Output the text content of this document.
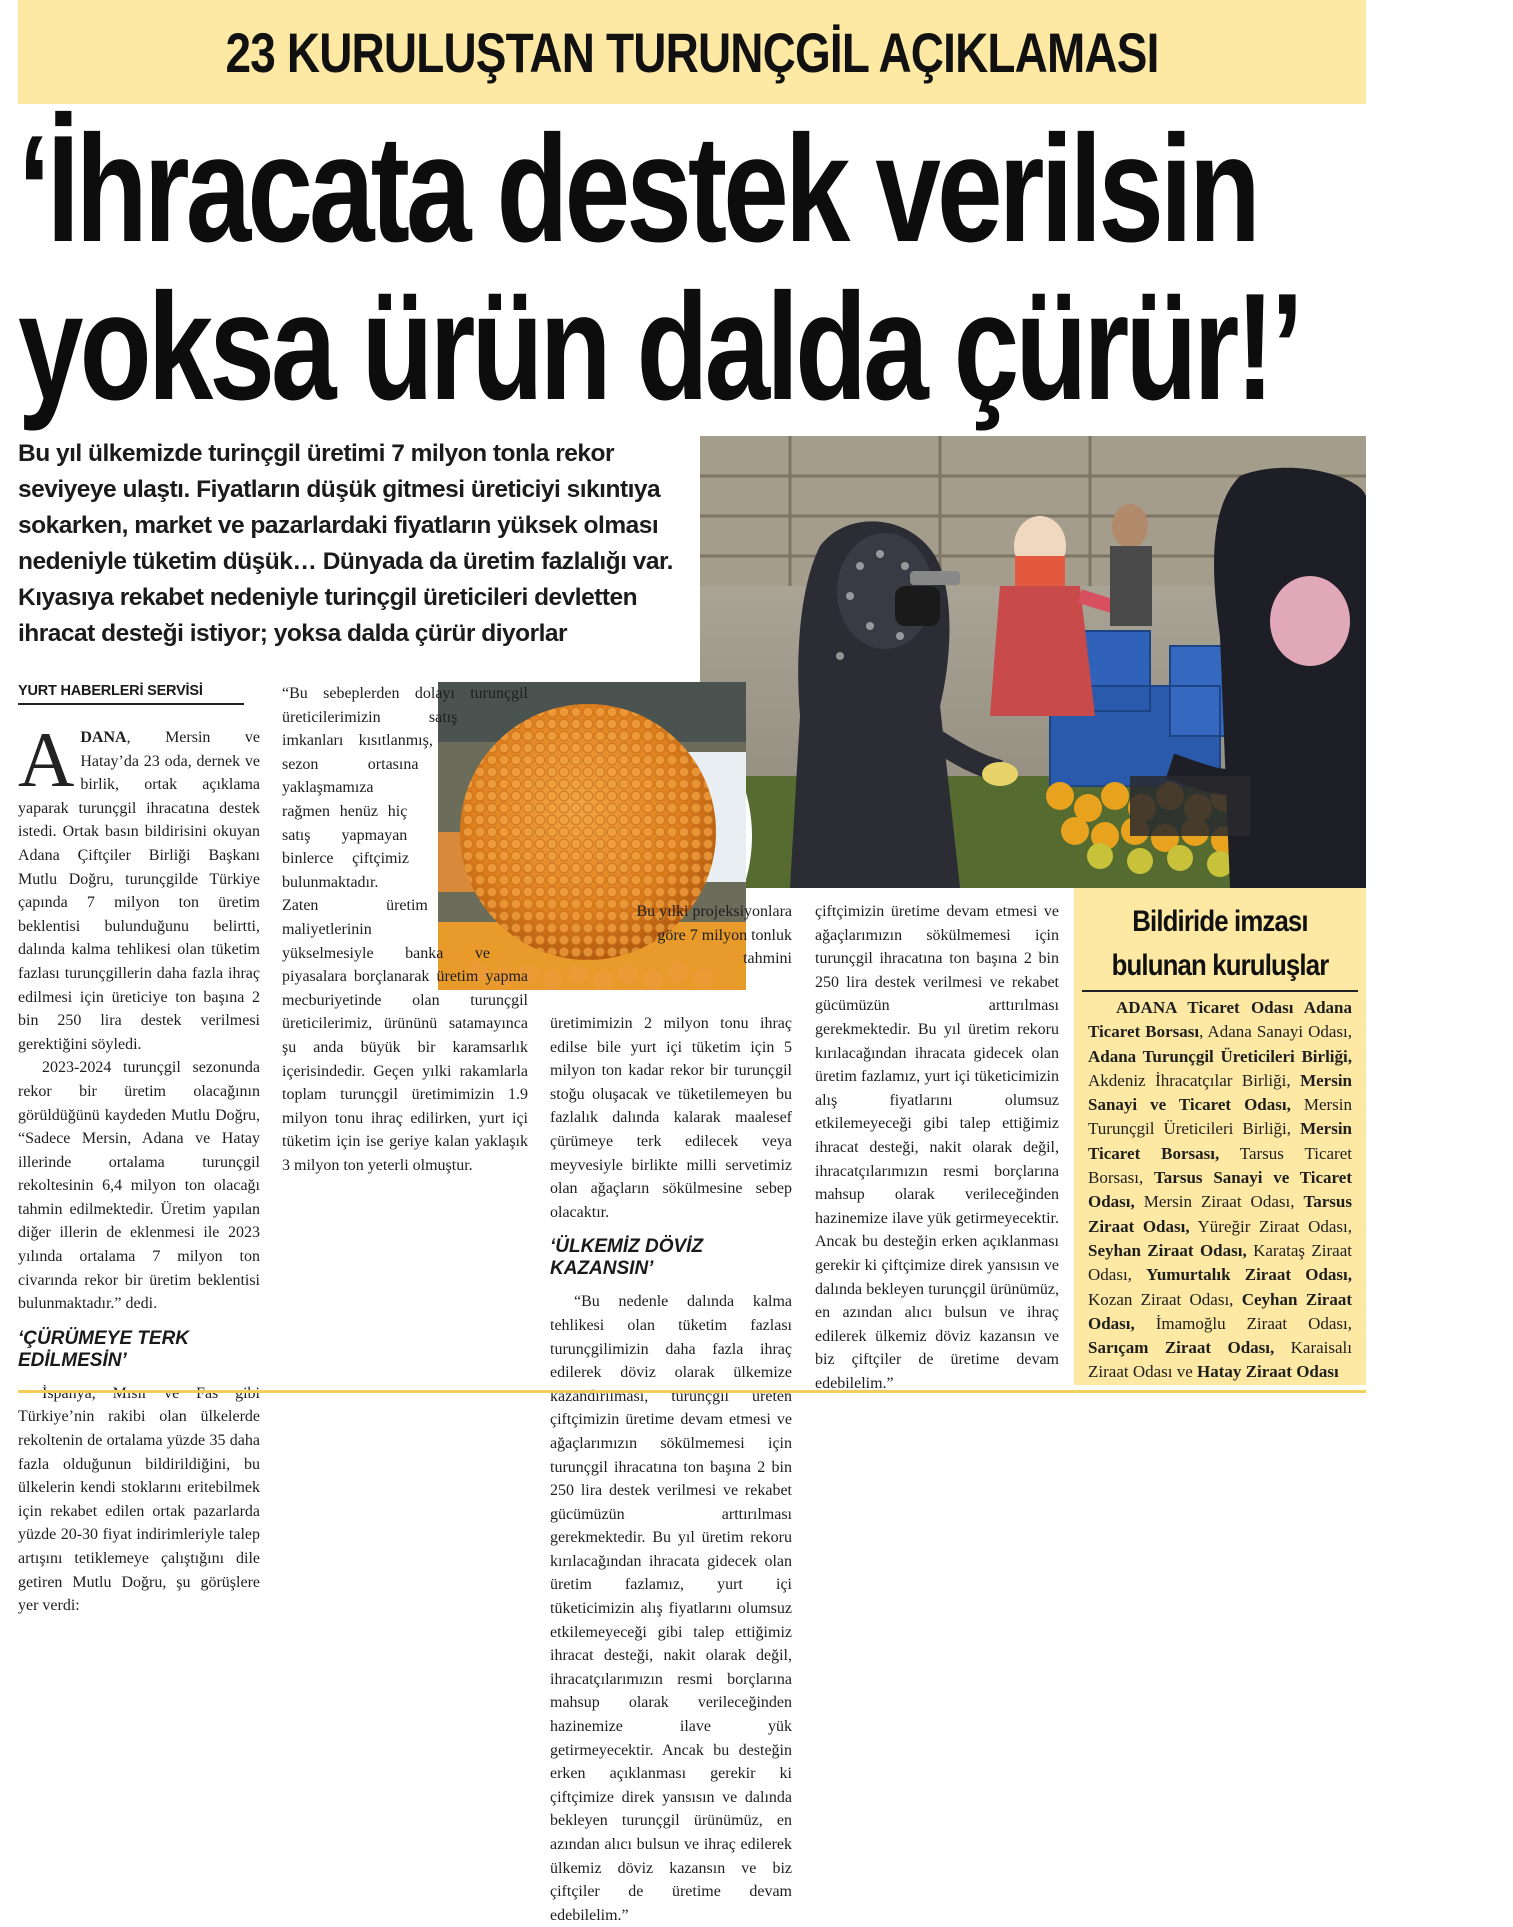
23 KURULUŞTAN TURUNÇGİL AÇIKLAMASI
‘İhracata destek verilsin
yoksa ürün dalda çürür!’
Bu yıl ülkemizde turinçgil üretimi 7 milyon tonla rekor seviyeye ulaştı. Fiyatların düşük gitmesi üreticiyi sıkıntıya sokarken, market ve pazarlardaki fiyatların yüksek olması nedeniyle tüketim düşük… Dünyada da üretim fazlalığı var. Kıyasıya rekabet nedeniyle turinçgil üreticileri devletten ihracat desteği istiyor; yoksa dalda çürür diyorlar
YURT HABERLERİ SERVİSİ

ADANA, Mersin ve Hatay’da 23 oda, dernek ve birlik, ortak açıklama yaparak turunçgil ihracatına destek istedi. Ortak basın bildirisini okuyan Adana Çiftçiler Birliği Başkanı Mutlu Doğru, turunçgilde Türkiye çapında 7 milyon ton üretim beklentisi bulunduğunu belirtti, dalında kalma tehlikesi olan tüketim fazlası turunçgillerin daha fazla ihraç edilmesi için üreticiye ton başına 2 bin 250 lira destek verilmesi gerektiğini söyledi.

2023-2024 turunçgil sezonunda rekor bir üretim olacağının görüldüğünü kaydeden Mutlu Doğru, “Sadece Mersin, Adana ve Hatay illerinde ortalama turunçgil rekoltesinin 6,4 milyon ton olacağı tahmin edilmektedir. Üretim yapılan diğer illerin de eklenmesi ile 2023 yılında ortalama 7 milyon ton civarında rekor bir üretim beklentisi bulunmaktadır.” dedi.

‘ÇÜRÜMEYE TERK EDİLMESİN’

İspanya, Mısır ve Fas gibi Türkiye’nin rakibi olan ülkelerde rekoltenin de ortalama yüzde 35 daha fazla olduğunun bildirildiğini, bu ülkelerin kendi stoklarını eritebilmek için rekabet edilen ortak pazarlarda yüzde 20-30 fiyat indirimleriyle talep artışını tetiklemeye çalıştığını dile getiren Mutlu Doğru, şu görüşlere yer verdi:

“Bu sebeplerden dolayı turunçgil üreticilerimizin satış imkanları kısıtlanmış, sezon ortasına yaklaşmamıza rağmen henüz hiç satış yapmayan binlerce çiftçimiz bulunmaktadır. Zaten üretim maliyetlerinin yükselmesiyle banka ve piyasalara borçlanarak üretim yapma mecburiyetinde olan turunçgil üreticilerimiz, ürününü satamayınca şu anda büyük bir karamsarlık içerisindedir. Geçen yılki rakamlarla toplam turunçgil üretimimizin 1.9 milyon tonu ihraç edilirken, yurt içi tüketim için ise geriye kalan yaklaşık 3 milyon ton yeterli olmuştur.

Bu yılki projeksiyonlara göre 7 milyon tonluk tahmini

üretimimizin 2 milyon tonu ihraç edilse bile yurt içi tüketim için 5 milyon ton kadar rekor bir turunçgil stoğu oluşacak ve tüketilemeyen bu fazlalık dalında kalarak maalesef çürümeye terk edilecek veya meyvesiyle birlikte milli servetimiz olan ağaçların sökülmesine sebep olacaktır.

‘ÜLKEMİZ DÖVİZ KAZANSIN’

“Bu nedenle dalında kalma tehlikesi olan tüketim fazlası turunçgilimizin daha fazla ihraç edilerek döviz olarak ülkemize kazandırılması, turunçgil üreten çiftçimizin üretime devam etmesi ve ağaçlarımızın sökülmemesi için turunçgil ihracatına ton başına 2 bin 250 lira destek verilmesi ve rekabet gücümüzün arttırılması gerekmektedir. Bu yıl üretim rekoru kırılacağından ihracata gidecek olan üretim fazlamız, yurt içi tüketicimizin alış fiyatlarını olumsuz etkilemeyeceği gibi talep ettiğimiz ihracat desteği, nakit olarak değil, ihracatçılarımızın resmi borçlarına mahsup olarak verileceğinden hazinemize ilave yük getirmeyecektir. Ancak bu desteğin erken açıklanması gerekir ki çiftçimize direk yansısın ve dalında bekleyen turunçgil ürünümüz, en azından alıcı bulsun ve ihraç edilerek ülkemiz döviz kazansın ve biz çiftçiler de üretime devam edebilelim.”

çiftçimizin üretime devam etmesi ve ağaçlarımızın sökülmemesi için turunçgil ihracatına ton başına 2 bin 250 lira destek verilmesi ve rekabet gücümüzün arttırılması gerekmektedir. Bu yıl üretim rekoru kırılacağından ihracata gidecek olan üretim fazlamız, yurt içi tüketicimizin alış fiyatlarını olumsuz etkilemeyeceği gibi talep ettiğimiz ihracat desteği, nakit olarak değil, ihracatçılarımızın resmi borçlarına mahsup olarak verileceğinden hazinemize ilave yük getirmeyecektir. Ancak bu desteğin erken açıklanması gerekir ki çiftçimize direk yansısın ve dalında bekleyen turunçgil ürünümüz, en azından alıcı bulsun ve ihraç edilerek ülkemiz döviz kazansın ve biz çiftçiler de üretime devam edebilelim.”

Bildiride imzası
bulunan kuruluşlar
ADANA Ticaret Odası Adana Ticaret Borsası, Adana Sanayi Odası, Adana Turunçgil Üreticileri Birliği, Akdeniz İhracatçılar Birliği, Mersin Sanayi ve Ticaret Odası, Mersin Turunçgil Üreticileri Birliği, Mersin Ticaret Borsası, Tarsus Ticaret Borsası, Tarsus Sanayi ve Ticaret Odası, Mersin Ziraat Odası, Tarsus Ziraat Odası, Yüreğir Ziraat Odası, Seyhan Ziraat Odası, Karataş Ziraat Odası, Yumurtalık Ziraat Odası, Kozan Ziraat Odası, Ceyhan Ziraat Odası, İmamoğlu Ziraat Odası, Sarıçam Ziraat Odası, Karaisalı Ziraat Odası ve Hatay Ziraat Odası
